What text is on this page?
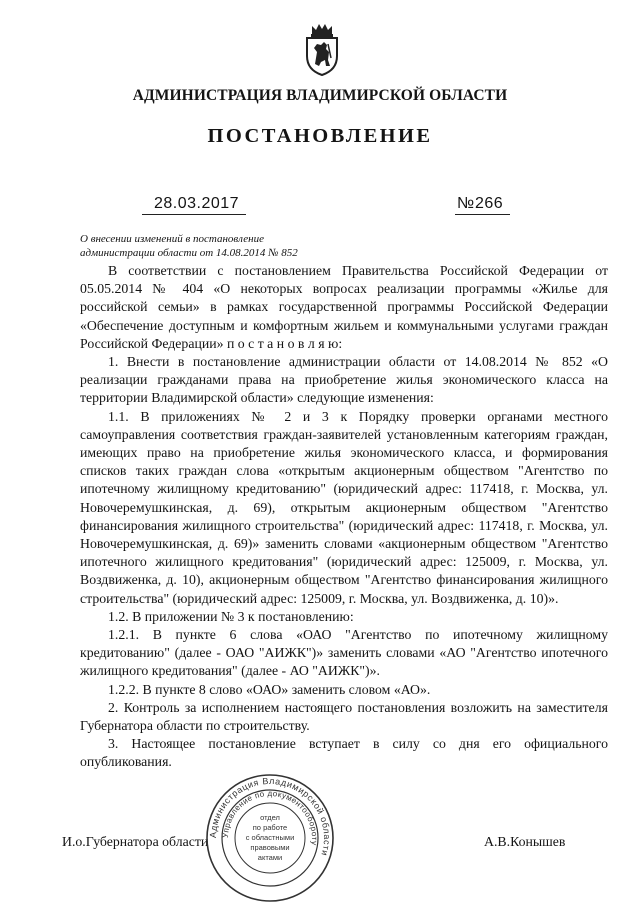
АДМИНИСТРАЦИЯ ВЛАДИМИРСКОЙ ОБЛАСТИ
ПОСТАНОВЛЕНИЕ
28.03.2017	№ 266
О внесении изменений в постановление
администрации области от 14.08.2014 № 852

В соответствии с постановлением Правительства Российской Федерации от 05.05.2014 № 404 «О некоторых вопросах реализации программы «Жилье для российской семьи» в рамках государственной программы Российской Федерации «Обеспечение доступным и комфортным жильем и коммунальными услугами граждан Российской Федерации» п о с т а н о в л я ю:

1. Внести в постановление администрации области от 14.08.2014 № 852 «О реализации гражданами права на приобретение жилья экономического класса на территории Владимирской области» следующие изменения:

1.1. В приложениях № 2 и 3 к Порядку проверки органами местного самоуправления соответствия граждан-заявителей установленным категориям граждан, имеющих право на приобретение жилья экономического класса, и формирования списков таких граждан слова «открытым акционерным обществом "Агентство по ипотечному жилищному кредитованию" (юридический адрес: 117418, г. Москва, ул. Новочеремушкинская, д. 69), открытым акционерным обществом "Агентство финансирования жилищного строительства" (юридический адрес: 117418, г. Москва, ул. Новочеремушкинская, д. 69)» заменить словами «акционерным обществом "Агентство ипотечного жилищного кредитования" (юридический адрес: 125009, г. Москва, ул. Воздвиженка, д. 10), акционерным обществом "Агентство финансирования жилищного строительства" (юридический адрес: 125009, г. Москва, ул. Воздвиженка, д. 10)».

1.2. В приложении № 3 к постановлению:

1.2.1. В пункте 6 слова «ОАО "Агентство по ипотечному жилищному кредитованию" (далее - ОАО "АИЖК")» заменить словами «АО "Агентство ипотечного жилищного кредитования" (далее - АО "АИЖК")».

1.2.2. В пункте 8 слово «ОАО» заменить словом «АО».

2. Контроль за исполнением настоящего постановления возложить на заместителя Губернатора области по строительству.

3. Настоящее постановление вступает в силу со дня его официального опубликования.

И.о.Губернатора области	А.В.Конышев
Администрация Владимирской области
Управление по документообороту
отдел
по работе
с областными
правовыми
актами
